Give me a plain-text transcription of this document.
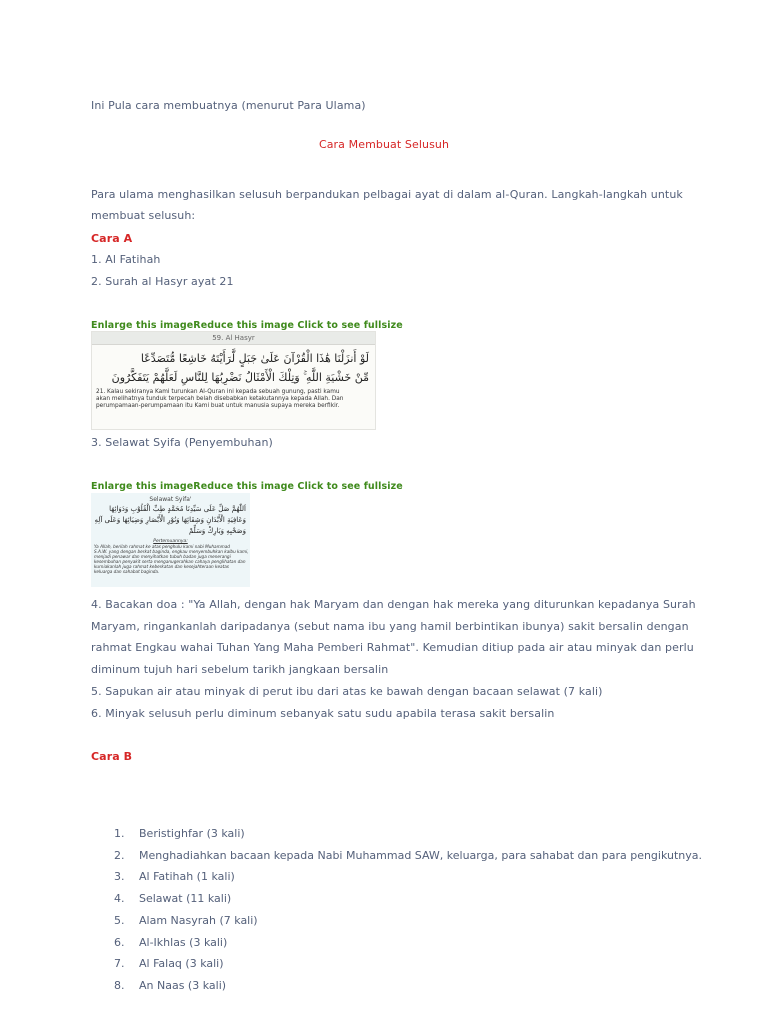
Ini Pula cara membuatnya (menurut Para Ulama)
Cara Membuat Selusuh
Para ulama menghasilkan selusuh berpandukan pelbagai ayat di dalam al-Quran. Langkah-langkah untuk
membuat selusuh:
Cara A
1. Al Fatihah
2. Surah al Hasyr ayat 21
Enlarge this imageReduce this image Click to see fullsize
59. Al Hasyr
لَوْ أَنزَلْنَا هَٰذَا الْقُرْآنَ عَلَىٰ جَبَلٍ لَّرَأَيْتَهُ خَاشِعًا مُّتَصَدِّعًا
مِّنْ خَشْيَةِ اللَّهِ ۚ وَتِلْكَ الْأَمْثَالُ نَضْرِبُهَا لِلنَّاسِ لَعَلَّهُمْ يَتَفَكَّرُونَ
21. Kalau sekiranya Kami turunkan Al-Quran ini kepada sebuah gunung, pasti kamu
akan melihatnya tunduk terpecah belah disebabkan ketakutannya kepada Allah. Dan
perumpamaan-perumpamaan itu Kami buat untuk manusia supaya mereka berfikir.
3. Selawat Syifa (Penyembuhan)
Enlarge this imageReduce this image Click to see fullsize
Selawat Syifa'
اَللّٰهُمَّ صَلِّ عَلَى سَيِّدِنَا مُحَمَّدٍ طِبِّ الْقُلُوْبِ وَدَوَائِهَا
وَعَافِيَةِ الْأَبْدَانِ وَشِفَائِهَا وَنُوْرِ الْأَبْصَارِ وَضِيَائِهَا وَعَلَى آلِهِ
وَصَحْبِهِ وَبَارِكْ وَسَلِّمْ
Pertemuannya:
Ya Allah, berilah rahmat ke atas penghulu kami nabi Muhammad
S.A.W. yang dengan berkat baginda, engkau menyembuhkan kalbu kami,
menjadi penawar dan menyihatkan tubuh badan juga menerangi
kesembuhan penyakit serta menganugerahkan cahaya penglihatan dan
kurniakanlah juga rahmat keberkatan dan kesejahteraan keatas
keluarga dan sahabat baginda.
4. Bacakan doa : "Ya Allah, dengan hak Maryam dan dengan hak mereka yang diturunkan kepadanya Surah
Maryam, ringankanlah daripadanya (sebut nama ibu yang hamil berbintikan ibunya) sakit bersalin dengan
rahmat Engkau wahai Tuhan Yang Maha Pemberi Rahmat". Kemudian ditiup pada air atau minyak dan perlu
diminum tujuh hari sebelum tarikh jangkaan bersalin
5. Sapukan air atau minyak di perut ibu dari atas ke bawah dengan bacaan selawat (7 kali)
6. Minyak selusuh perlu diminum sebanyak satu sudu apabila terasa sakit bersalin
Cara B
1. Beristighfar (3 kali)
2. Menghadiahkan bacaan kepada Nabi Muhammad SAW, keluarga, para sahabat dan para pengikutnya.
3. Al Fatihah (1 kali)
4. Selawat (11 kali)
5. Alam Nasyrah (7 kali)
6. Al-Ikhlas (3 kali)
7. Al Falaq (3 kali)
8. An Naas (3 kali)
